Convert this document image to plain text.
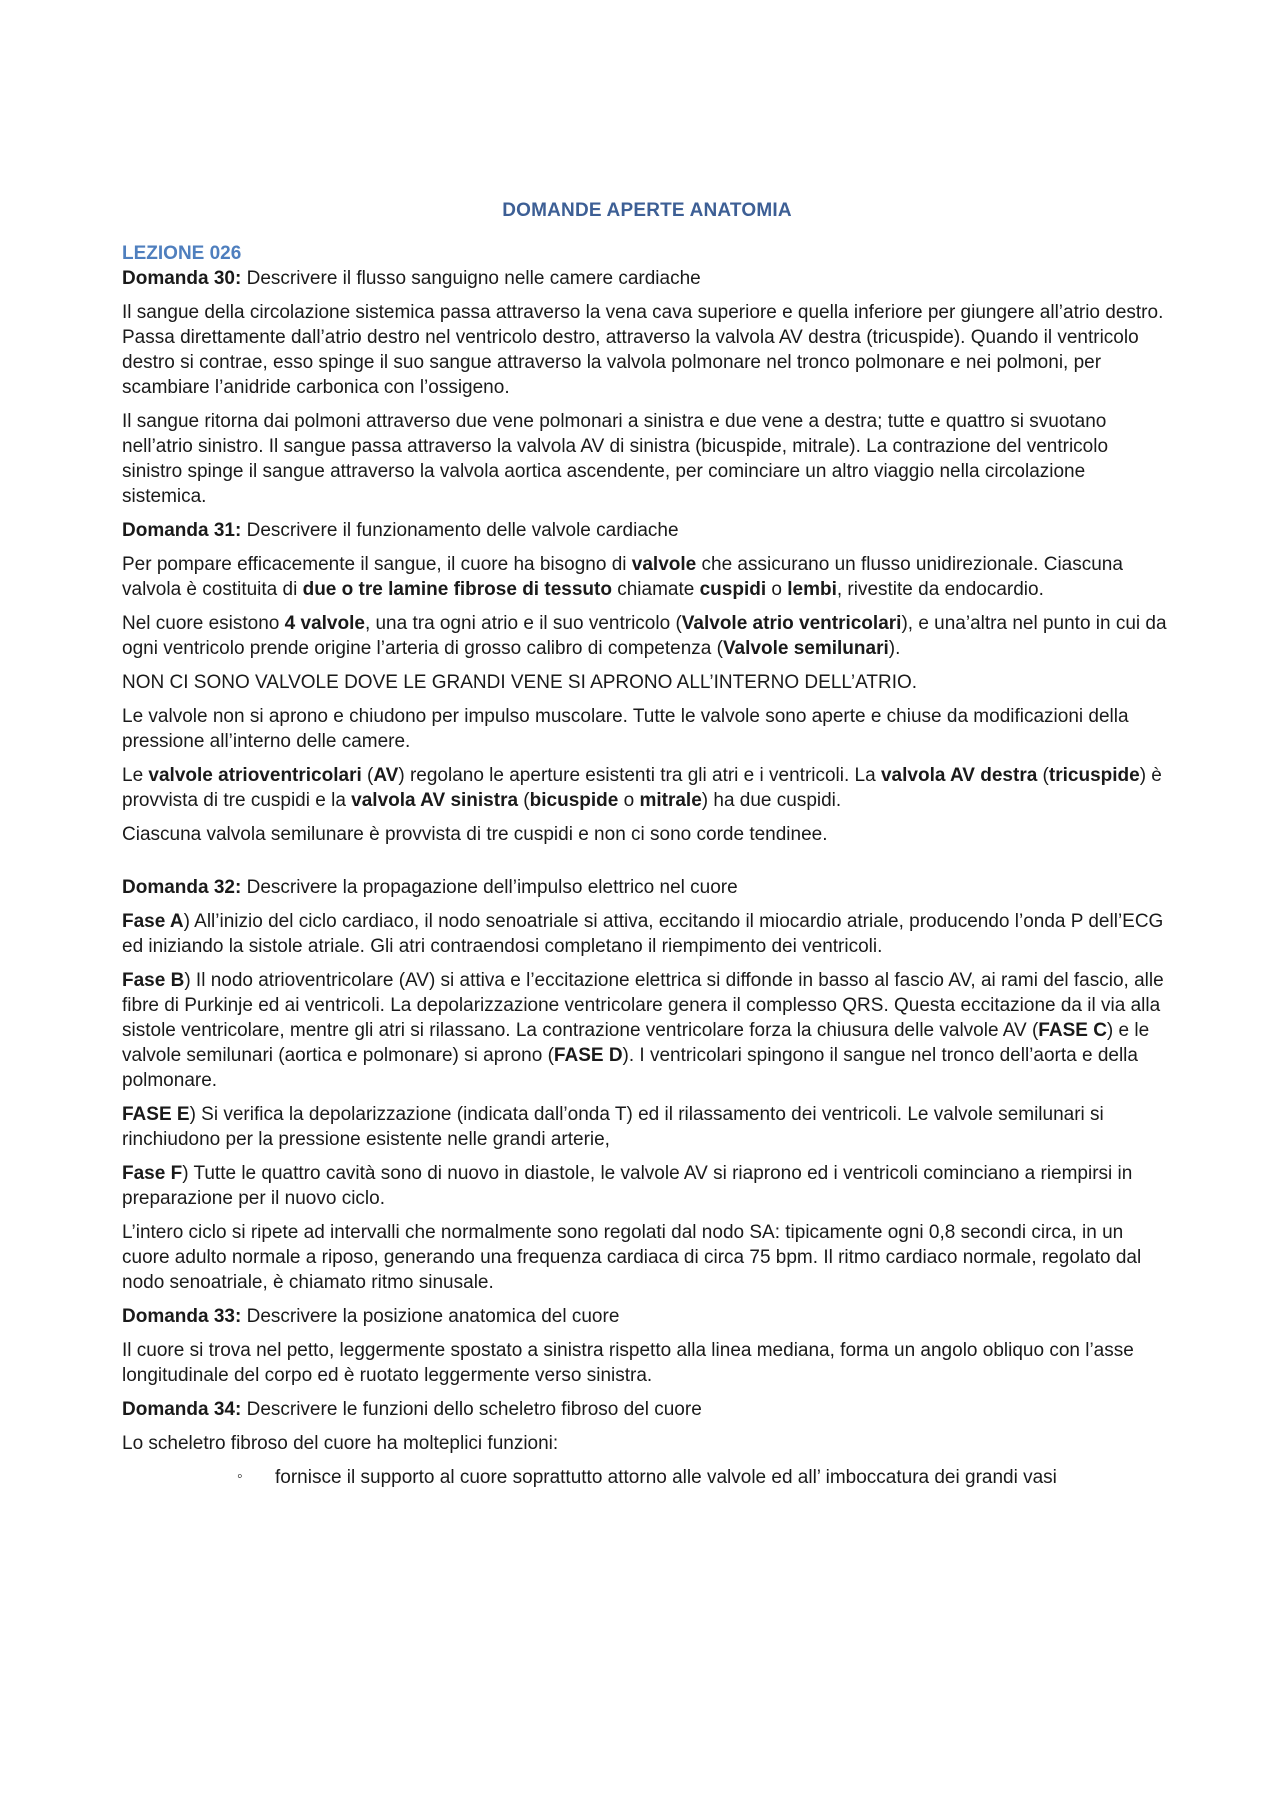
DOMANDE APERTE ANATOMIA
LEZIONE 026

Domanda 30: Descrivere il flusso sanguigno nelle camere cardiache

Il sangue della circolazione sistemica passa attraverso la vena cava superiore e quella inferiore per giungere all’atrio destro. Passa direttamente dall’atrio destro nel ventricolo destro, attraverso la valvola AV destra (tricuspide). Quando il ventricolo destro si contrae, esso spinge il suo sangue attraverso la valvola polmonare nel tronco polmonare e nei polmoni, per scambiare l’anidride carbonica con l’ossigeno.

Il sangue ritorna dai polmoni attraverso due vene polmonari a sinistra e due vene a destra; tutte e quattro si svuotano nell’atrio sinistro. Il sangue passa attraverso la valvola AV di sinistra (bicuspide, mitrale). La contrazione del ventricolo sinistro spinge il sangue attraverso la valvola aortica ascendente, per cominciare un altro viaggio nella circolazione sistemica.

Domanda 31: Descrivere il funzionamento delle valvole cardiache

Per pompare efficacemente il sangue, il cuore ha bisogno di valvole che assicurano un flusso unidirezionale. Ciascuna valvola è costituita di due o tre lamine fibrose di tessuto chiamate cuspidi o lembi, rivestite da endocardio.

Nel cuore esistono 4 valvole, una tra ogni atrio e il suo ventricolo (Valvole atrio ventricolari), e una’altra nel punto in cui da ogni ventricolo prende origine l’arteria di grosso calibro di competenza (Valvole semilunari).

NON CI SONO VALVOLE DOVE LE GRANDI VENE SI APRONO ALL’INTERNO DELL’ATRIO.

Le valvole non si aprono e chiudono per impulso muscolare. Tutte le valvole sono aperte e chiuse da modificazioni della pressione all’interno delle camere.

Le valvole atrioventricolari (AV) regolano le aperture esistenti tra gli atri e i ventricoli. La valvola AV destra (tricuspide) è provvista di tre cuspidi e la valvola AV sinistra (bicuspide o mitrale) ha due cuspidi.

Ciascuna valvola semilunare è provvista di tre cuspidi e non ci sono corde tendinee.

Domanda 32: Descrivere la propagazione dell’impulso elettrico nel cuore

Fase A) All’inizio del ciclo cardiaco, il nodo senoatriale si attiva, eccitando il miocardio atriale, producendo l’onda P dell’ECG ed iniziando la sistole atriale. Gli atri contraendosi completano il riempimento dei ventricoli.

Fase B) Il nodo atrioventricolare (AV) si attiva e l’eccitazione elettrica si diffonde in basso al fascio AV, ai rami del fascio, alle fibre di Purkinje ed ai ventricoli. La depolarizzazione ventricolare genera il complesso QRS. Questa eccitazione da il via alla sistole ventricolare, mentre gli atri si rilassano. La contrazione ventricolare forza la chiusura delle valvole AV (FASE C) e le valvole semilunari (aortica e polmonare) si aprono (FASE D). I ventricolari spingono il sangue nel tronco dell’aorta e della polmonare.

FASE E) Si verifica la depolarizzazione (indicata dall’onda T) ed il rilassamento dei ventricoli. Le valvole semilunari si rinchiudono per la pressione esistente nelle grandi arterie,

Fase F) Tutte le quattro cavità sono di nuovo in diastole, le valvole AV si riaprono ed i ventricoli cominciano a riempirsi in preparazione per il nuovo ciclo.

L’intero ciclo si ripete ad intervalli che normalmente sono regolati dal nodo SA: tipicamente ogni 0,8 secondi circa, in un cuore adulto normale a riposo, generando una frequenza cardiaca di circa 75 bpm. Il ritmo cardiaco normale, regolato dal nodo senoatriale, è chiamato ritmo sinusale.

Domanda 33: Descrivere la posizione anatomica del cuore

Il cuore si trova nel petto, leggermente spostato a sinistra rispetto alla linea mediana, forma un angolo obliquo con l’asse longitudinale del corpo ed è ruotato leggermente verso sinistra.

Domanda 34: Descrivere le funzioni dello scheletro fibroso del cuore

Lo scheletro fibroso del cuore ha molteplici funzioni:

◦ fornisce il supporto al cuore soprattutto attorno alle valvole ed all’ imboccatura dei grandi vasi
